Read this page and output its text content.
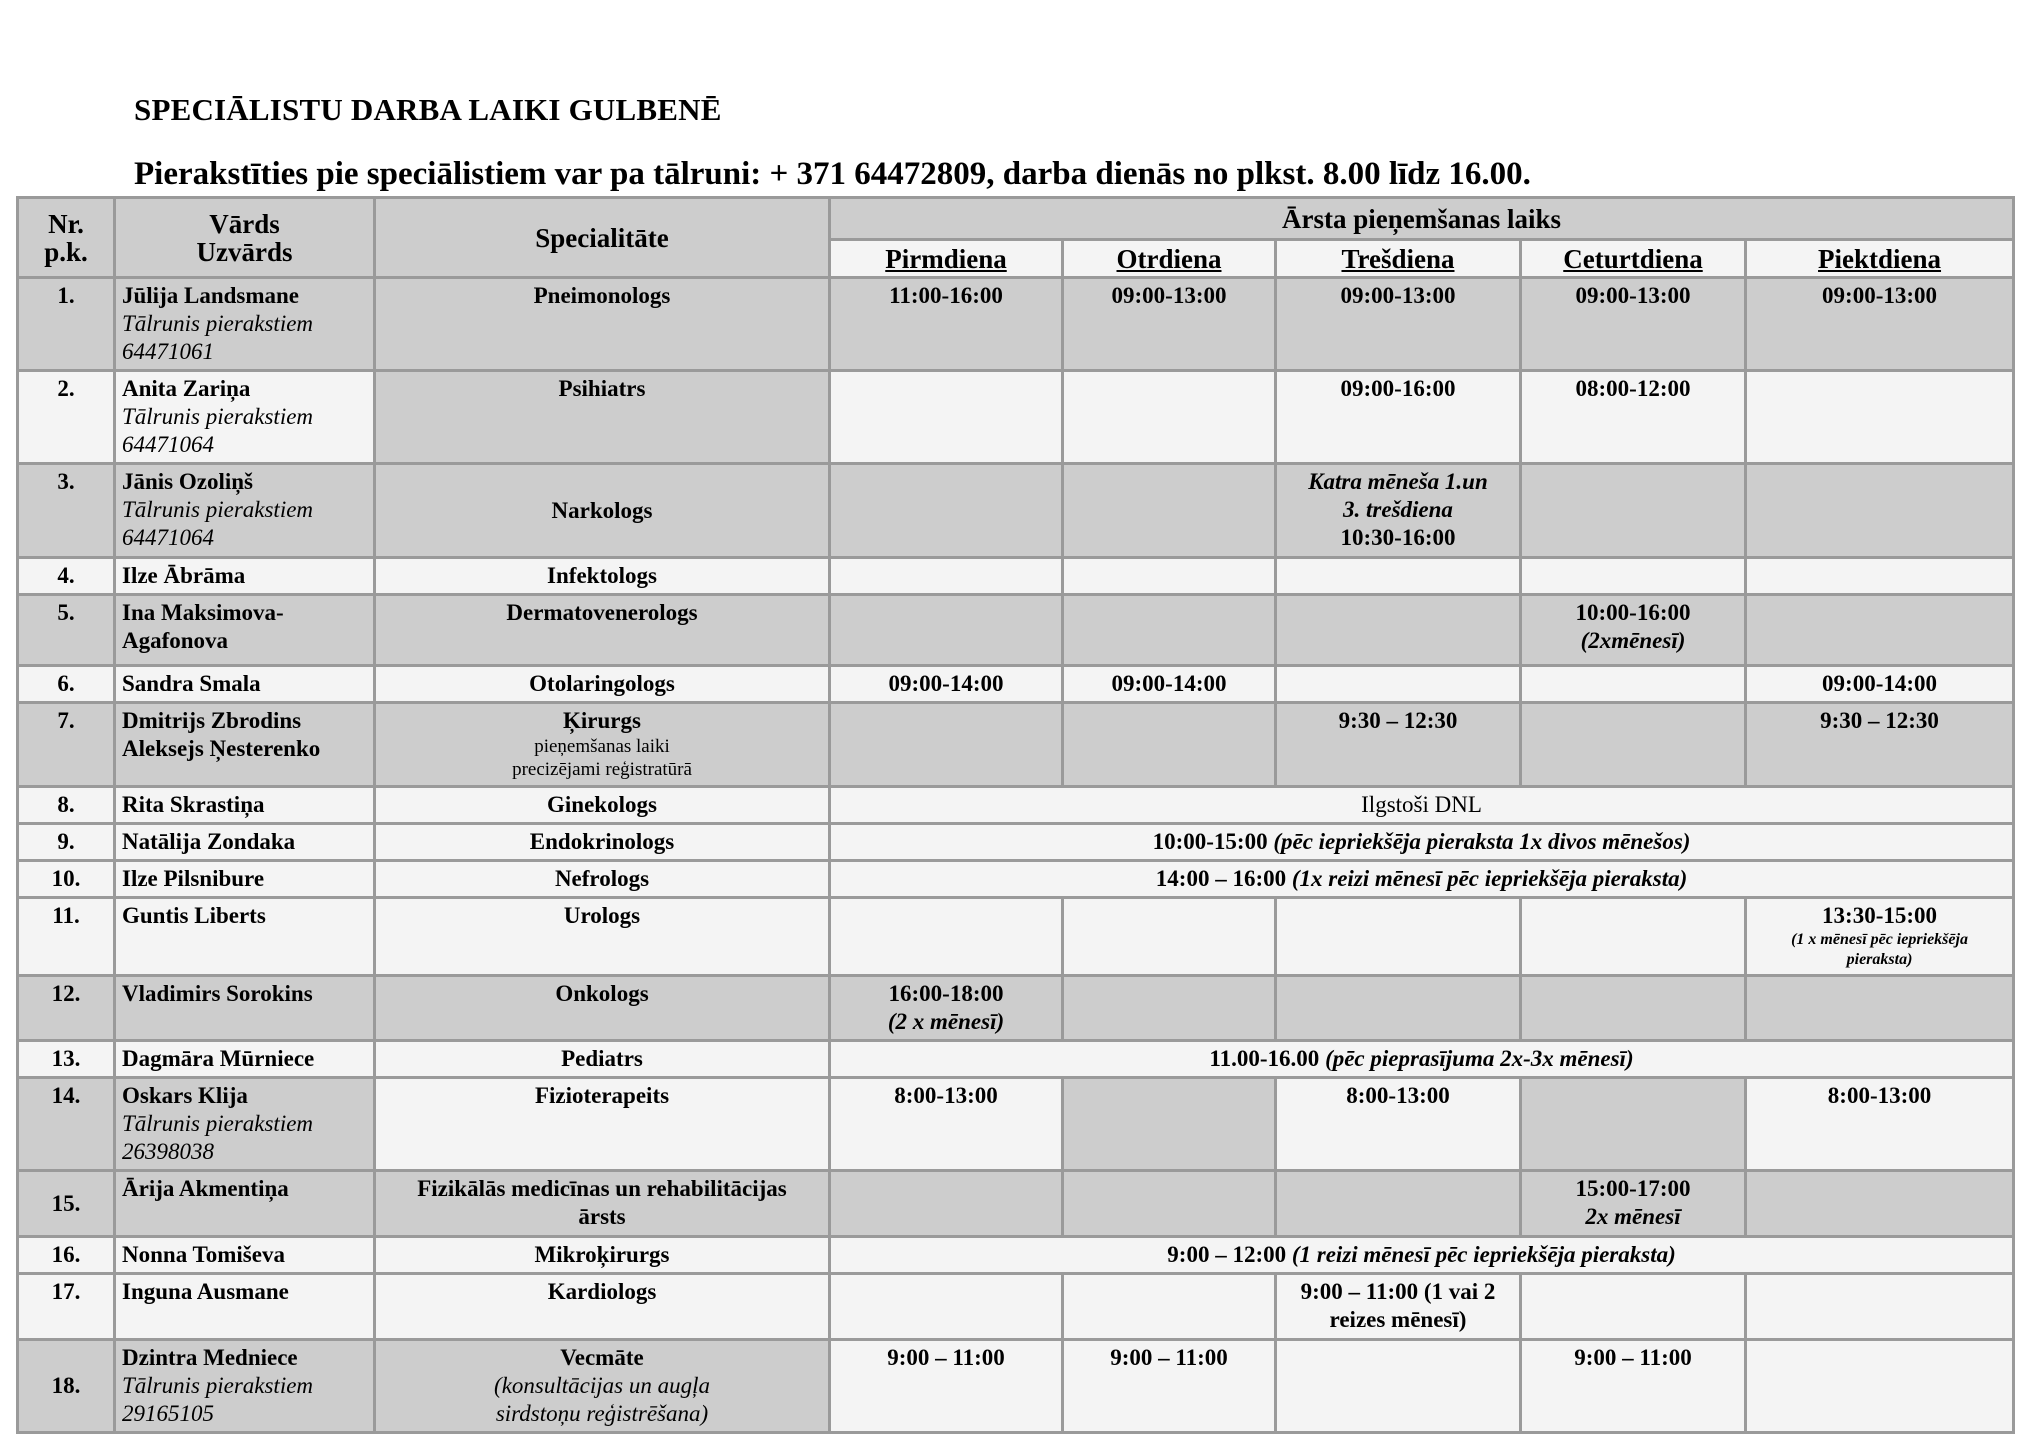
SPECIĀLISTU DARBA LAIKI GULBENĒ
Pierakstīties pie speciālistiem var pa tālruni: + 371 64472809, darba dienās no plkst. 8.00 līdz 16.00.
Nr.
p.k.	Vārds
Uzvārds	Specialitāte	Ārsta pieņemšanas laiks				
			Pirmdiena	Otrdiena	Trešdiena	Ceturtdiena	Piektdiena
1.	Jūlija Landsmane
Tālrunis pierakstiem
64471061	Pneimonologs	11:00-16:00	09:00-13:00	09:00-13:00	09:00-13:00	09:00-13:00
2.	Anita Zariņa
Tālrunis pierakstiem
64471064	Psihiatrs			09:00-16:00	08:00-12:00	
3.	Jānis Ozoliņš
Tālrunis pierakstiem
64471064	Narkologs			Katra mēneša 1.un
3. trešdiena
10:30-16:00		

4.	Ilze Ābrāma	Infektologs					
5.	Ina Maksimova-
Agafonova	Dermatovenerologs				10:00-16:00
(2xmēnesī)	

6.	Sandra Smala	Otolaringologs	09:00-14:00	09:00-14:00			09:00-14:00
7.	Dmitrijs Zbrodins
Aleksejs Ņesterenko	Ķirurgs
pieņemšanas laiki
precizējami reģistratūrā			9:30 – 12:30		9:30 – 12:30
8.	Rita Skrastiņa	Ginekologs	Ilgstoši DNL				
9.	Natālija Zondaka	Endokrinologs	10:00-15:00 (pēc iepriekšēja pieraksta 1x divos mēnešos)				
10.	Ilze Pilsnibure	Nefrologs	14:00 – 16:00 (1x reizi mēnesī pēc iepriekšēja pieraksta)				
11.	Guntis Liberts	Urologs					13:30-15:00
(1 x mēnesī pēc iepriekšēja
pieraksta)

12.	Vladimirs Sorokins	Onkologs	16:00-18:00
(2 x mēnesī)				

13.	Dagmāra Mūrniece	Pediatrs	11.00-16.00 (pēc pieprasījuma 2x-3x mēnesī)				
14.	Oskars Klija
Tālrunis pierakstiem
26398038	Fizioterapeits	8:00-13:00		8:00-13:00		8:00-13:00
15.	Ārija Akmentiņa	Fizikālās medicīnas un rehabilitācijas
ārsts				15:00-17:00
2x mēnesī	

16.	Nonna Tomiševa	Mikroķirurgs	9:00 – 12:00 (1 reizi mēnesī pēc iepriekšēja pieraksta)				
17.	Inguna Ausmane	Kardiologs			9:00 – 11:00 (1 vai 2
reizes mēnesī)		

18.	Dzintra Medniece
Tālrunis pierakstiem
29165105	Vecmāte
(konsultācijas un augļa
sirdstoņu reģistrēšana)	9:00 – 11:00	9:00 – 11:00		9:00 – 11:00	
